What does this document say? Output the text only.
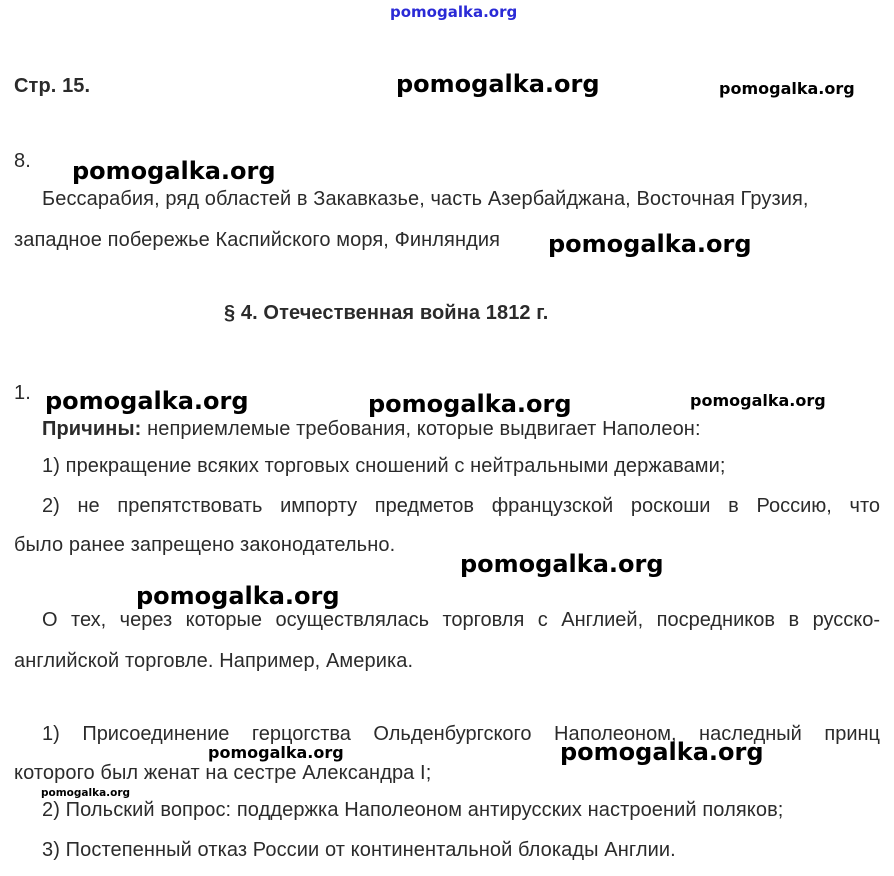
pomogalka.org
Стр. 15.
8.
Бессарабия, ряд областей в Закавказье, часть Азербайджана, Восточная Грузия,
западное побережье Каспийского моря, Финляндия
§ 4. Отечественная война 1812 г.
1.
Причины: неприемлемые требования, которые выдвигает Наполеон:
1) прекращение всяких торговых сношений с нейтральными державами;
2) не препятствовать импорту предметов французской роскоши в Россию, что
было ранее запрещено законодательно.
О тех, через которые осуществлялась торговля с Англией, посредников в русско-
английской торговле. Например, Америка.
1) Присоединение герцогства Ольденбургского Наполеоном, наследный принц
которого был женат на сестре Александра I;
2) Польский вопрос: поддержка Наполеоном антирусских настроений поляков;
3) Постепенный отказ России от континентальной блокады Англии.
pomogalka.org	pomogalka.org
pomogalka.org
pomogalka.org
pomogalka.org	pomogalka.org	pomogalka.org
pomogalka.org
pomogalka.org
pomogalka.org	pomogalka.org
pomogalka.org
